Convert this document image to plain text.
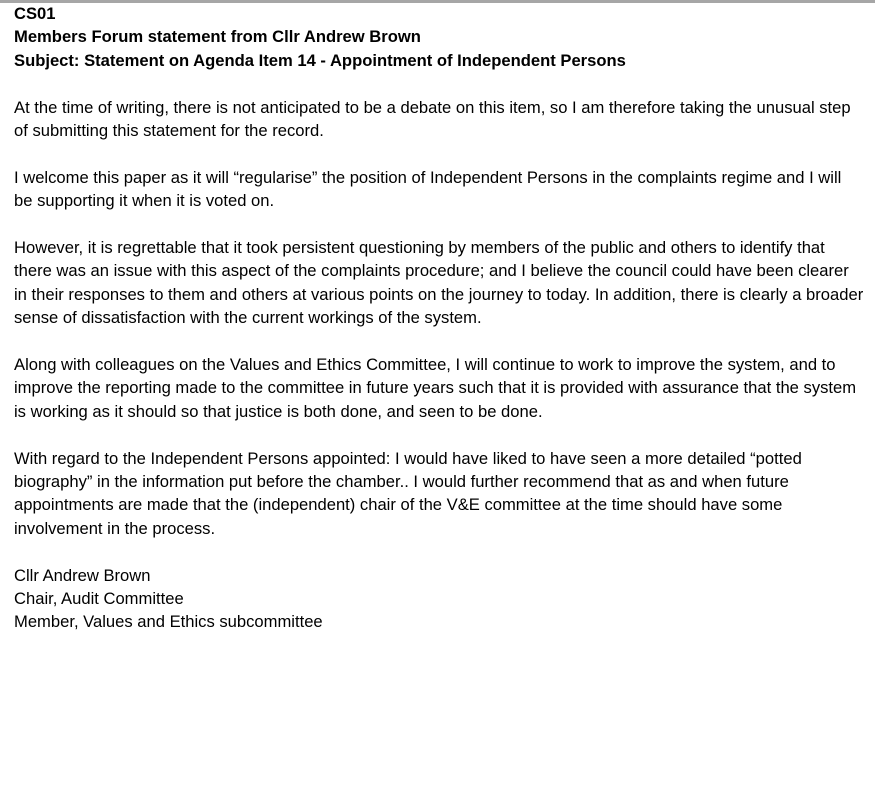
CS01
Members Forum statement from Cllr Andrew Brown
Subject: Statement on Agenda Item 14 - Appointment of Independent Persons

At the time of writing, there is not anticipated to be a debate on this item, so I am therefore taking the unusual step of submitting this statement for the record.

I welcome this paper as it will “regularise” the position of Independent Persons in the complaints regime and I will be supporting it when it is voted on.

However, it is regrettable that it took persistent questioning by members of the public and others to identify that there was an issue with this aspect of the complaints procedure; and I believe the council could have been clearer in their responses to them and others at various points on the journey to today. In addition, there is clearly a broader sense of dissatisfaction with the current workings of the system.

Along with colleagues on the Values and Ethics Committee, I will continue to work to improve the system, and to improve the reporting made to the committee in future years such that it is provided with assurance that the system is working as it should so that justice is both done, and seen to be done.

With regard to the Independent Persons appointed: I would have liked to have seen a more detailed “potted biography” in the information put before the chamber.. I would further recommend that as and when future appointments are made that the (independent) chair of the V&E committee at the time should have some involvement in the process.

Cllr Andrew Brown
Chair, Audit Committee
Member, Values and Ethics subcommittee
